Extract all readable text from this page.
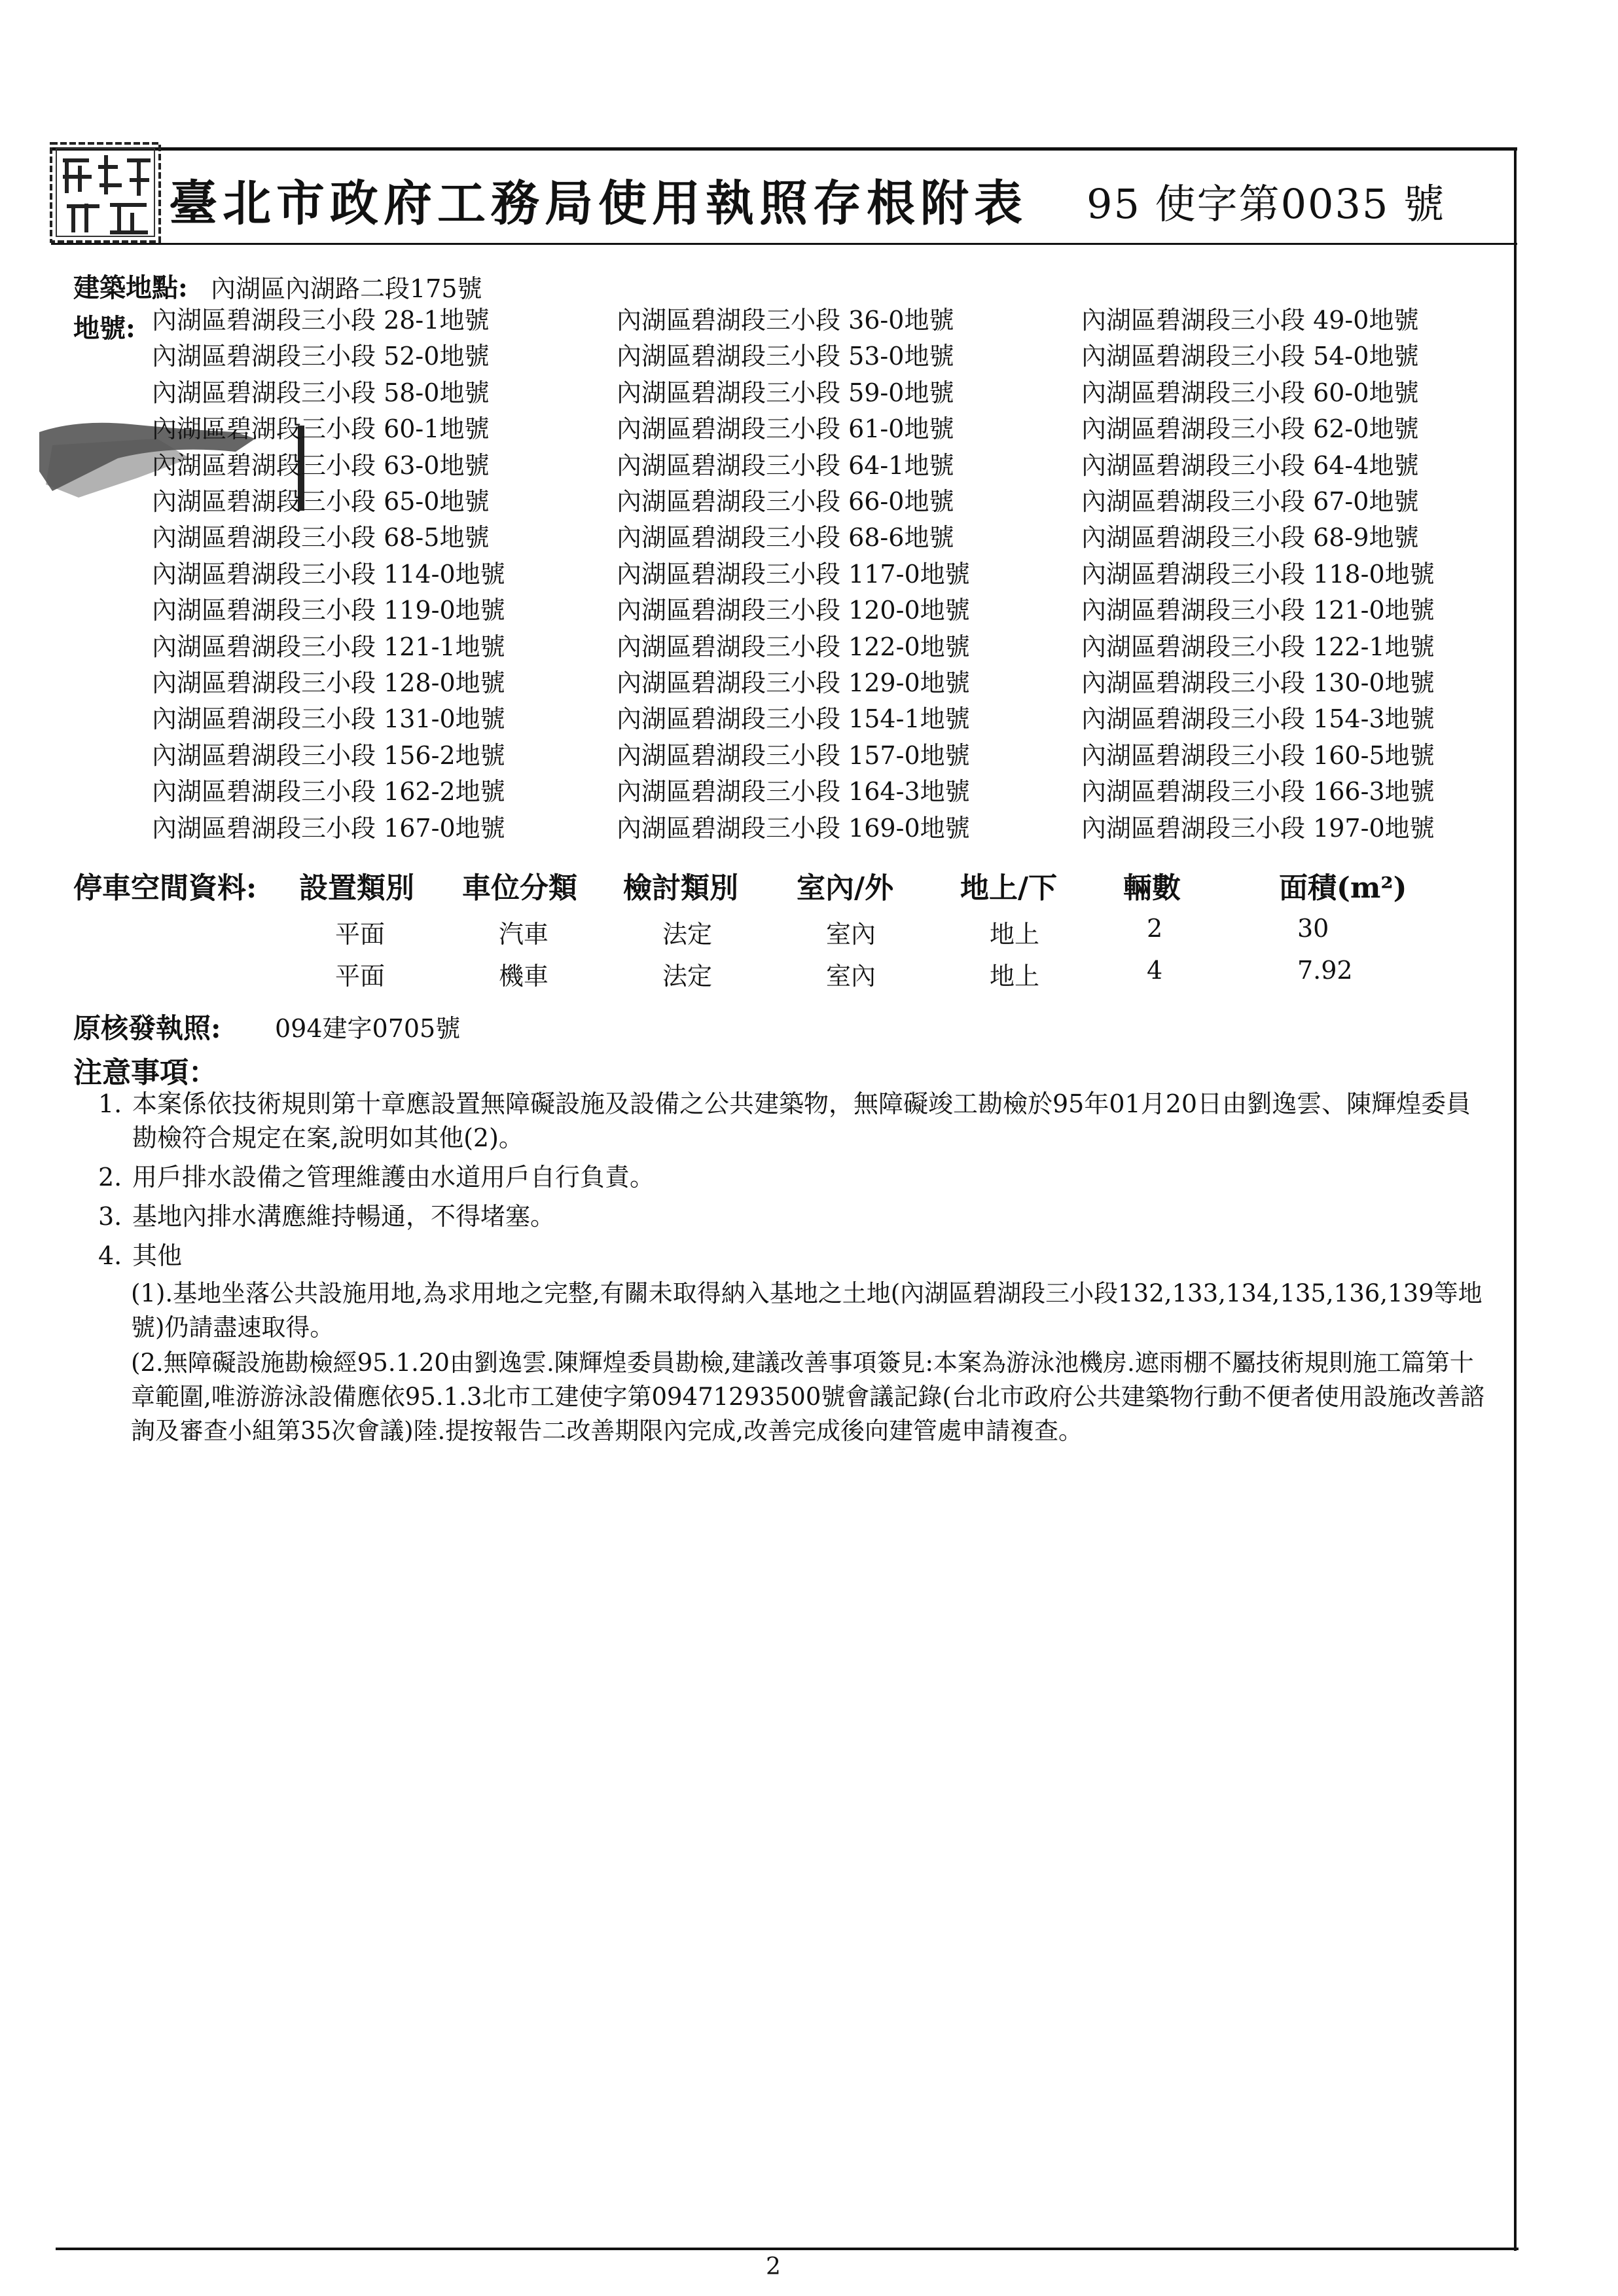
臺北市政府工務局使用執照存根附表 95 使字第0035 號
建築地點: 內湖區內湖路二段175號
地號: 內湖區碧湖段三小段 28-1地號	內湖區碧湖段三小段 36-0地號	內湖區碧湖段三小段 49-0地號
內湖區碧湖段三小段 52-0地號	內湖區碧湖段三小段 53-0地號	內湖區碧湖段三小段 54-0地號
內湖區碧湖段三小段 58-0地號	內湖區碧湖段三小段 59-0地號	內湖區碧湖段三小段 60-0地號
內湖區碧湖段三小段 60-1地號	內湖區碧湖段三小段 61-0地號	內湖區碧湖段三小段 62-0地號
內湖區碧湖段三小段 63-0地號	內湖區碧湖段三小段 64-1地號	內湖區碧湖段三小段 64-4地號
內湖區碧湖段三小段 65-0地號	內湖區碧湖段三小段 66-0地號	內湖區碧湖段三小段 67-0地號
內湖區碧湖段三小段 68-5地號	內湖區碧湖段三小段 68-6地號	內湖區碧湖段三小段 68-9地號
內湖區碧湖段三小段 114-0地號	內湖區碧湖段三小段 117-0地號	內湖區碧湖段三小段 118-0地號
內湖區碧湖段三小段 119-0地號	內湖區碧湖段三小段 120-0地號	內湖區碧湖段三小段 121-0地號
內湖區碧湖段三小段 121-1地號	內湖區碧湖段三小段 122-0地號	內湖區碧湖段三小段 122-1地號
內湖區碧湖段三小段 128-0地號	內湖區碧湖段三小段 129-0地號	內湖區碧湖段三小段 130-0地號
內湖區碧湖段三小段 131-0地號	內湖區碧湖段三小段 154-1地號	內湖區碧湖段三小段 154-3地號
內湖區碧湖段三小段 156-2地號	內湖區碧湖段三小段 157-0地號	內湖區碧湖段三小段 160-5地號
內湖區碧湖段三小段 162-2地號	內湖區碧湖段三小段 164-3地號	內湖區碧湖段三小段 166-3地號
內湖區碧湖段三小段 167-0地號	內湖區碧湖段三小段 169-0地號	內湖區碧湖段三小段 197-0地號
停車空間資料: 設置類別 車位分類 檢討類別 室內/外 地上/下 輛數	面積(m²)
平面	汽車	法定	室內	地上	2	30
平面	機車	法定	室內	地上	4	7.92
原核發執照: 094建字0705號
注意事項：
1. 本案係依技術規則第十章應設置無障礙設施及設備之公共建築物，無障礙竣工勘檢於95年01月20日由劉逸雲、陳輝煌委員勘檢符合規定在案,說明如其他(2)。
2. 用戶排水設備之管理維護由水道用戶自行負責。
3. 基地內排水溝應維持暢通，不得堵塞。
4. 其他
(1).基地坐落公共設施用地,為求用地之完整,有關未取得納入基地之土地(內湖區碧湖段三小段132,133,134,135,136,139等地號)仍請盡速取得。
(2.無障礙設施勘檢經95.1.20由劉逸雲.陳輝煌委員勘檢,建議改善事項簽見:本案為游泳池機房.遮雨棚不屬技術規則施工篇第十章範圍,唯游游泳設備應依95.1.3北市工建使字第09471293500號會議記錄(台北市政府公共建築物行動不便者使用設施改善諮詢及審查小組第35次會議)陸.提按報告二改善期限內完成,改善完成後向建管處申請複查。
2
